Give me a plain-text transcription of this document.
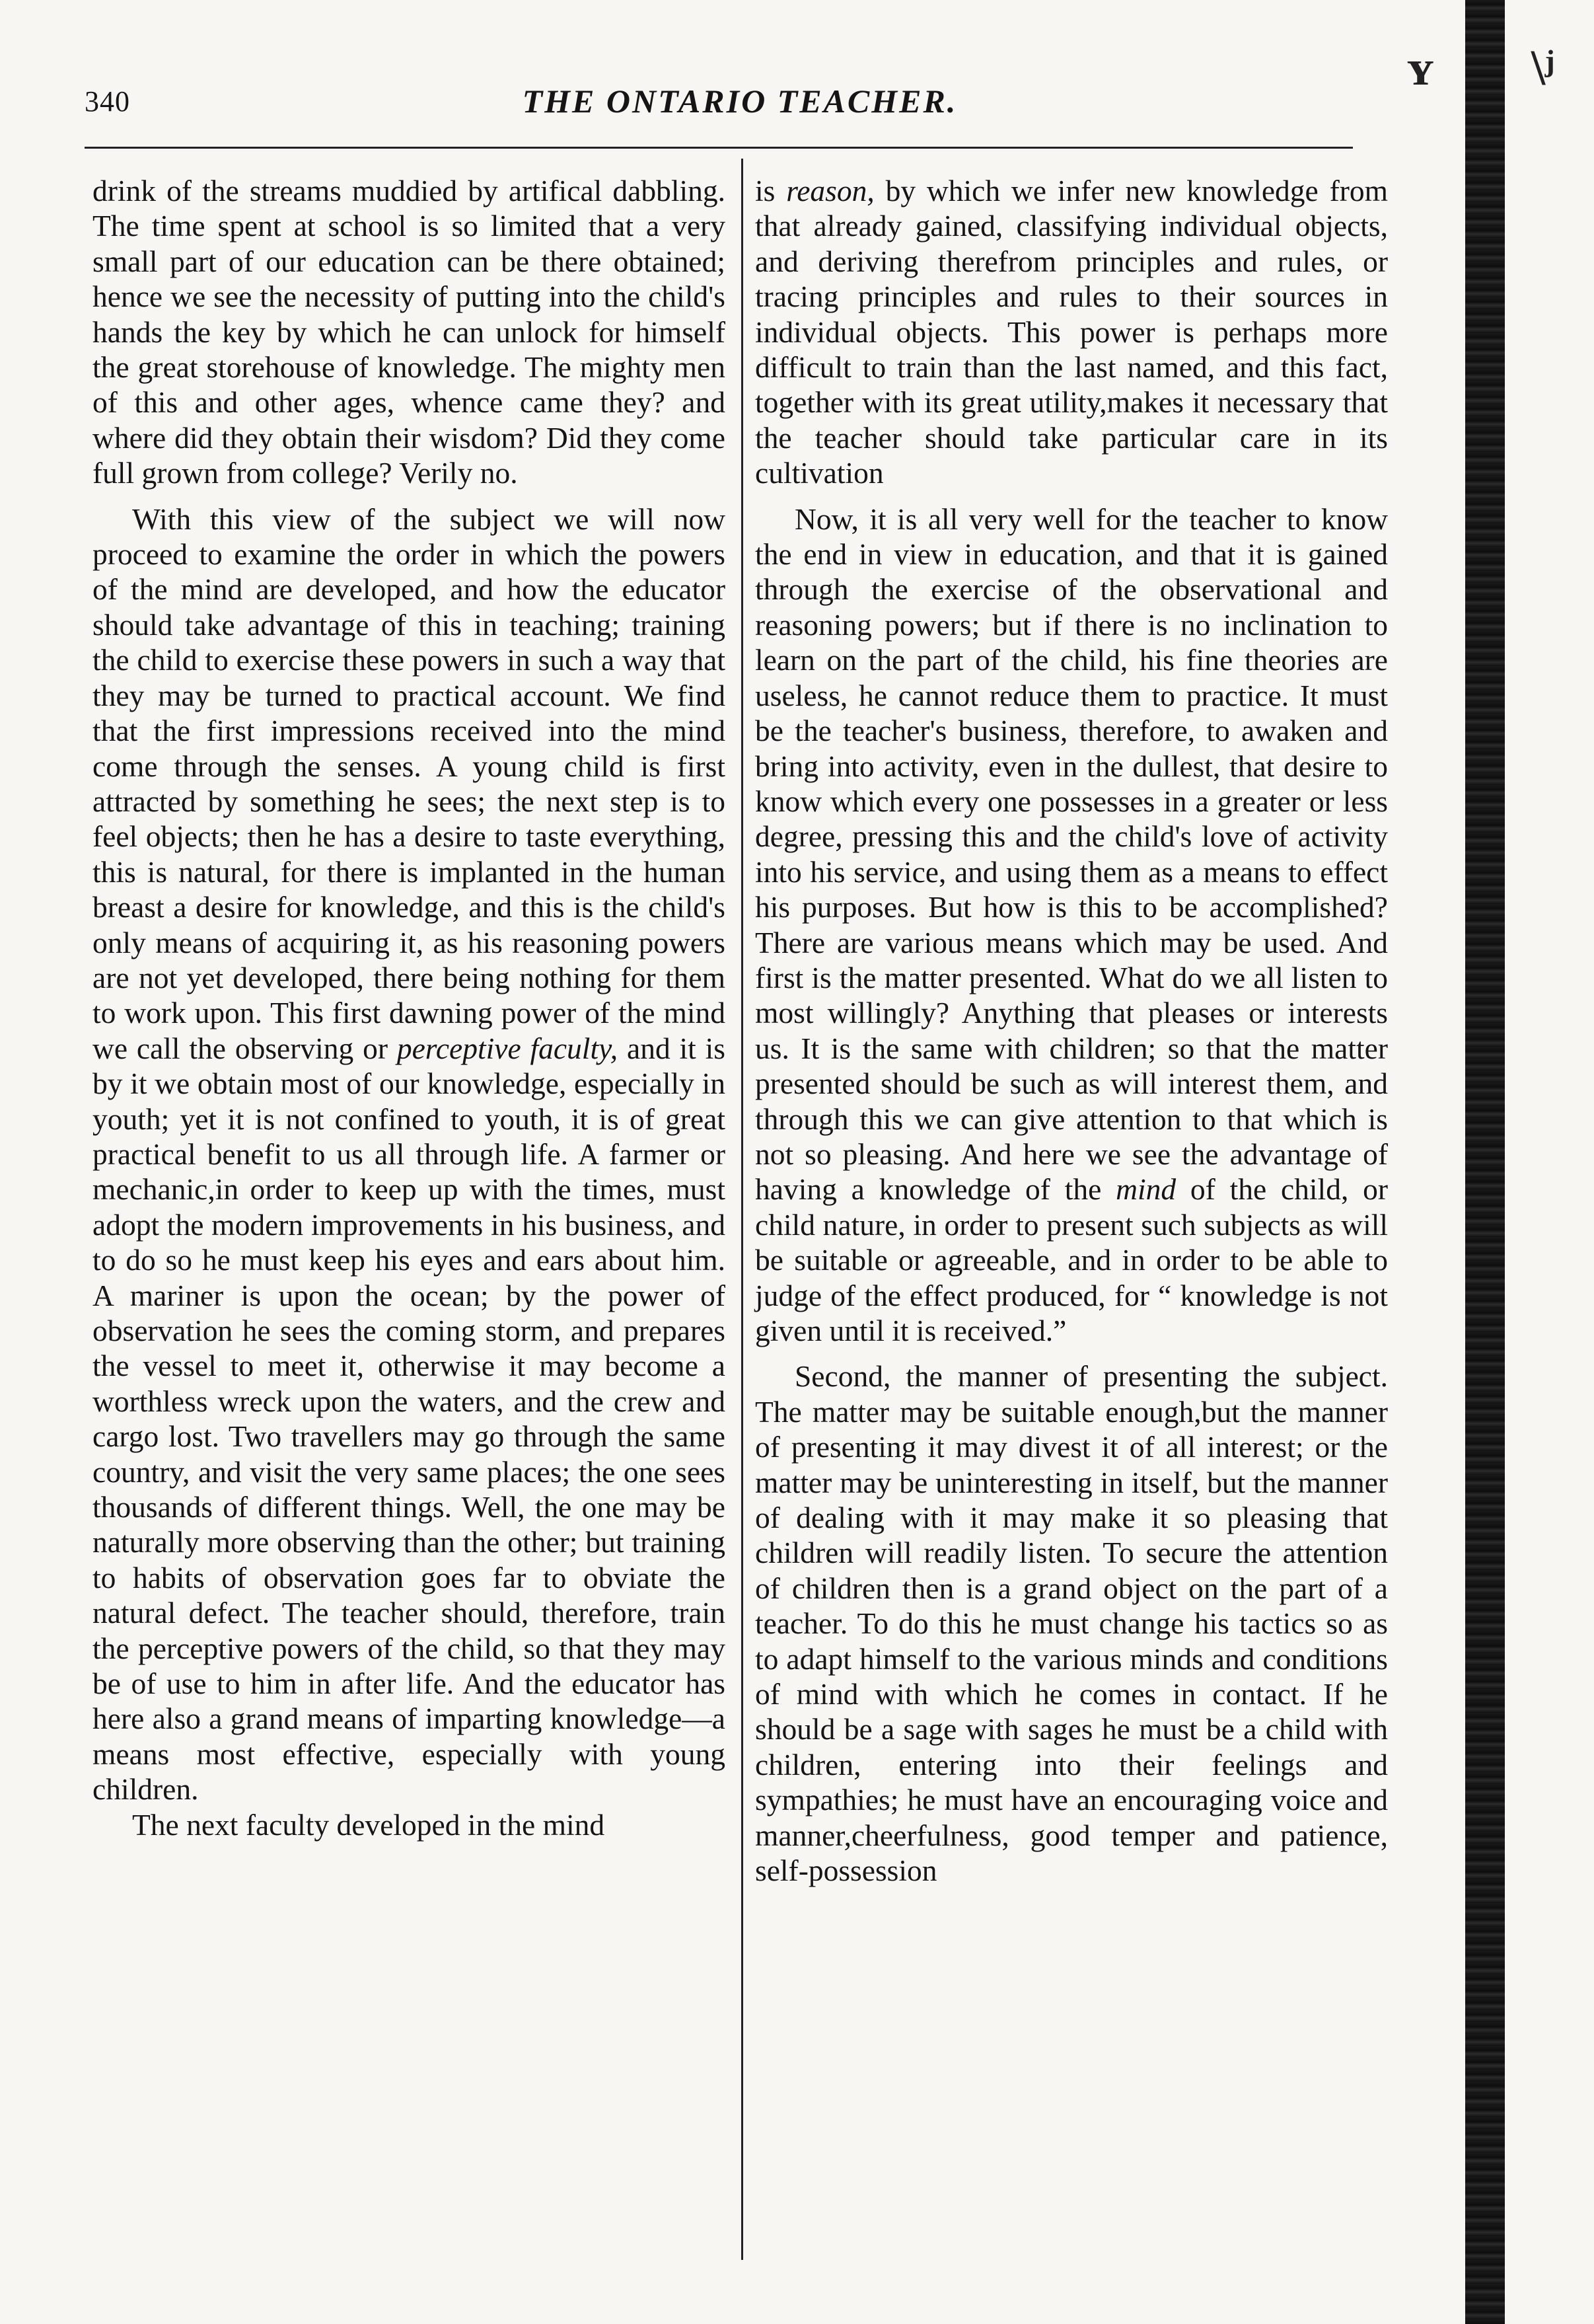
340	THE ONTARIO TEACHER.

drink of the streams muddied by artifical dabbling. The time spent at school is so limited that a very small part of our education can be there obtained; hence we see the necessity of putting into the child's hands the key by which he can unlock for himself the great storehouse of knowledge. The mighty men of this and other ages, whence came they? and where did they obtain their wisdom? Did they come full grown from college? Verily no.

With this view of the subject we will now proceed to examine the order in which the powers of the mind are developed, and how the educator should take advantage of this in teaching; training the child to exercise these powers in such a way that they may be turned to practical account. We find that the first impressions received into the mind come through the senses. A young child is first attracted by something he sees; the next step is to feel objects; then he has a desire to taste everything, this is natural, for there is implanted in the human breast a desire for knowledge, and this is the child's only means of acquiring it, as his reasoning powers are not yet developed, there being nothing for them to work upon. This first dawning power of the mind we call the observing or perceptive faculty, and it is by it we obtain most of our knowledge, especially in youth; yet it is not confined to youth, it is of great practical benefit to us all through life. A farmer or mechanic,in order to keep up with the times, must adopt the modern improvements in his business, and to do so he must keep his eyes and ears about him. A mariner is upon the ocean; by the power of observation he sees the coming storm, and prepares the vessel to meet it, otherwise it may become a worthless wreck upon the waters, and the crew and cargo lost. Two travellers may go through the same country, and visit the very same places; the one sees thousands of different things. Well, the one may be naturally more observing than the other; but training to habits of observation goes far to obviate the natural defect. The teacher should, therefore, train the perceptive powers of the child, so that they may be of use to him in after life. And the educator has here also a grand means of imparting knowledge—a means most effective, especially with young children.

The next faculty developed in the mind

is reason, by which we infer new knowledge from that already gained, classifying individual objects, and deriving therefrom principles and rules, or tracing principles and rules to their sources in individual objects. This power is perhaps more difficult to train than the last named, and this fact, together with its great utility,makes it necessary that the teacher should take particular care in its cultivation

Now, it is all very well for the teacher to know the end in view in education, and that it is gained through the exercise of the observational and reasoning powers; but if there is no inclination to learn on the part of the child, his fine theories are useless, he cannot reduce them to practice. It must be the teacher's business, therefore, to awaken and bring into activity, even in the dullest, that desire to know which every one possesses in a greater or less degree, pressing this and the child's love of activity into his service, and using them as a means to effect his purposes. But how is this to be accomplished? There are various means which may be used. And first is the matter presented. What do we all listen to most willingly? Anything that pleases or interests us. It is the same with children; so that the matter presented should be such as will interest them, and through this we can give attention to that which is not so pleasing. And here we see the advantage of having a knowledge of the mind of the child, or child nature, in order to present such subjects as will be suitable or agreeable, and in order to be able to judge of the effect produced, for “ knowledge is not given until it is received.”

Second, the manner of presenting the subject. The matter may be suitable enough,but the manner of presenting it may divest it of all interest; or the matter may be uninteresting in itself, but the manner of dealing with it may make it so pleasing that children will readily listen. To secure the attention of children then is a grand object on the part of a teacher. To do this he must change his tactics so as to adapt himself to the various minds and conditions of mind with which he comes in contact. If he should be a sage with sages he must be a child with children, entering into their feelings and sympathies; he must have an encouraging voice and manner,cheerfulness, good temper and patience, self-possession

ʏ \ʲ
